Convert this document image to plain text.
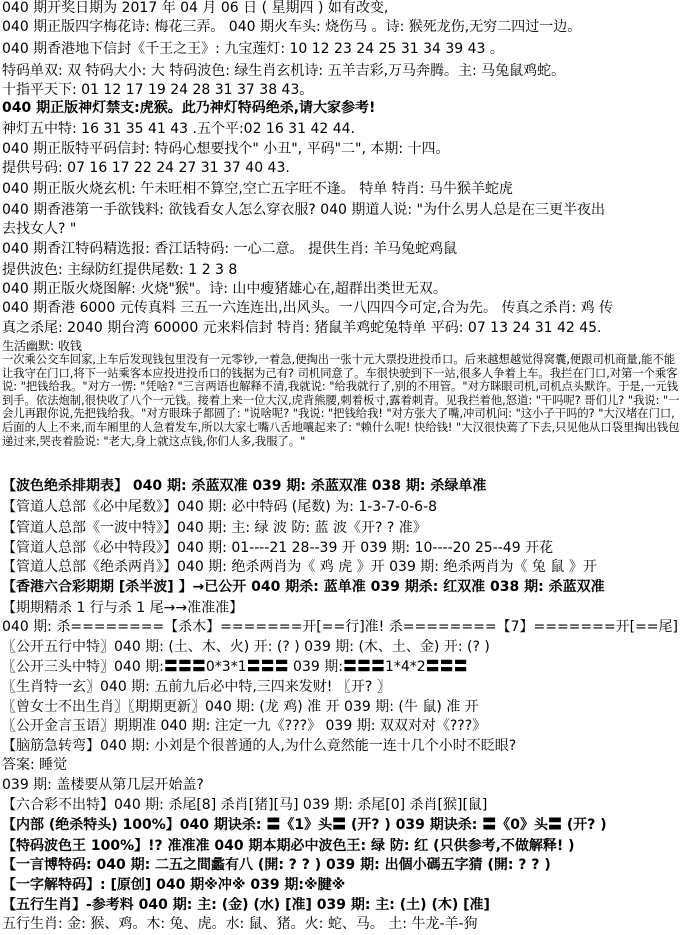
040 期开奖日期为 2017 年 04 月 06 日 ( 星期四 ) 如有改变,
040 期正版四字梅花诗: 梅花三弄。 040 期火车头: 烧伤马 。诗: 猴死龙伤,无穷二四过一边。
040 期香港地下信封《千王之王》: 九宝莲灯: 10 12 23 24 25 31 34 39 43 。
特码单双: 双 特码大小: 大 特码波色: 绿生肖玄机诗: 五羊吉彩,万马奔腾。主: 马兔鼠鸡蛇。
十指平天下: 01 12 17 19 24 28 31 37 38 43。
040 期正版神灯禁支:虎猴。此乃神灯特码绝杀,请大家参考!
神灯五中特: 16 31 35 41 43 .五个平:02 16 31 42 44.
040 期正版特平码信封: 特码心想要找个" 小丑", 平码"二", 本期: 十四。
提供号码: 07 16 17 22 24 27 31 37 40 43.
040 期正版火烧玄机: 午未旺相不算空,空亡五字旺不逢。 特单 特肖: 马牛猴羊蛇虎
040 期香港第一手欲钱料: 欲钱看女人怎么穿衣服? 040 期道人说: "为什么男人总是在三更半夜出
去找女人? "
040 期香江特码精选报: 香江话特码: 一心二意。 提供生肖: 羊马兔蛇鸡鼠
提供波色: 主绿防红提供尾数: 1 2 3 8
040 期正版火烧图解: 火烧"猴"。诗: 山中瘦猪雄心在,超群出类世无双。
040 期香港 6000 元传真料 三五一六连连出,出风头。一八四四今可定,合为先。 传真之杀肖: 鸡 传
真之杀尾: 2040 期台湾 60000 元来料信封 特肖: 猪鼠羊鸡蛇兔特单 平码: 07 13 24 31 42 45.
生活幽默: 收钱
一次乘公交车回家,上车后发现钱包里没有一元零钞,一着急,便掏出一张十元大票投进投币口。后来越想越觉得窝囊,便跟司机商量,能不能让我守在门口,将下一站乘客本应投进投币口的钱据为己有? 司机同意了。车很快驶到下一站,很多人争着上车。我拦在门口,对第一个乘客说: "把钱给我。"对方一愣: "凭啥? "三言两语也解释不清,我就说: "给我就行了,别的不用管。"对方眯眼司机,司机点头默许。于是,一元钱到手。依法炮制,很快收了八个一元钱。接着上来一位大汉,虎背熊腰,刺着板寸,露着刺青。见我拦着他,怒道: "干吗呢? 哥们儿? "我说: "一会儿再跟你说,先把钱给我。"对方眼珠子都圆了: "说啥呢? "我说: "把钱给我! "对方张大了嘴,冲司机问: "这小子干吗的? "大汉堵在门口,后面的人上不来,而车厢里的人急着发车,所以大家七嘴八舌地嚷起来了: "赖什么呢! 快给钱! "大汉很快蔫了下去,只见他从口袋里掏出钱包递过来,哭丧着脸说: "老大,身上就这点钱,你们人多,我服了。"
【波色绝杀排期表】 040 期: 杀蓝双准 039 期: 杀蓝双准 038 期: 杀绿单准
【管道人总部《必中尾数》】040 期: 必中特码 (尾数) 为: 1-3-7-0-6-8
【管道人总部《一波中特》】040 期: 主: 绿 波 防: 蓝 波《开? ? 准》
【管道人总部《必中特段》】040 期: 01----21 28--39 开 039 期: 10----20 25--49 开花
【管道人总部《绝杀两肖》】040 期: 绝杀两肖为《 鸡 虎 》开 039 期: 绝杀两肖为《 兔 鼠 》开
【香港六合彩期期 [杀半波] 】→已公开 040 期杀: 蓝单准 039 期杀: 红双准 038 期: 杀蓝双准
【期期精杀 1 行与杀 1 尾→→准准准】
040 期: 杀========【杀木】=======开[==行]准! 杀========【7】=======开[==尾]
〖公开五行中特〗040 期: (土、木、火) 开: (? ) 039 期: (木、土、金) 开: (? )
〖公开三头中特〗040 期:〓〓〓0*3*1〓〓〓 039 期:〓〓〓1*4*2〓〓〓
〖生肖特一玄〗040 期: 五前九后必中特,三四来发财! 〖开? 〗
〖曾女士不出生肖〗〖期期更新〗040 期: (龙 鸡) 准 开 039 期: (牛 鼠) 准 开
〖公开金言玉语〗期期准 040 期: 注定一九《???》 039 期: 双双对对《???》
【脑筋急转弯】040 期: 小刘是个很普通的人,为什么竟然能一连十几个小时不眨眼?
答案: 睡觉
039 期: 盖楼要从第几层开始盖?
【六合彩不出特】040 期: 杀尾[8] 杀肖[猪][马] 039 期: 杀尾[0] 杀肖[猴][鼠]
【内部 (绝杀特头) 100%】040 期诀杀: 〓《1》头〓 (开? ) 039 期诀杀: 〓《0》头〓 (开? )
【特码波色王 100%】!? 准准准 040 期本期必中波色王: 绿 防: 红 (只供参考,不做解释! )
【一言博特码: 040 期: 二五之間蠡有八 (開: ? ? ) 039 期: 出個小碼五字猜 (開: ? ? )
【一字解特码】: [原创] 040 期※冲※ 039 期:※腱※
【五行生肖】-参考料 040 期: 主: (金) (水) [准] 039 期: 主: (土) (木) [准]
五行生肖: 金: 猴、鸡。木: 兔、虎。水: 鼠、猪。火: 蛇、马。 土: 牛龙-羊-狗
